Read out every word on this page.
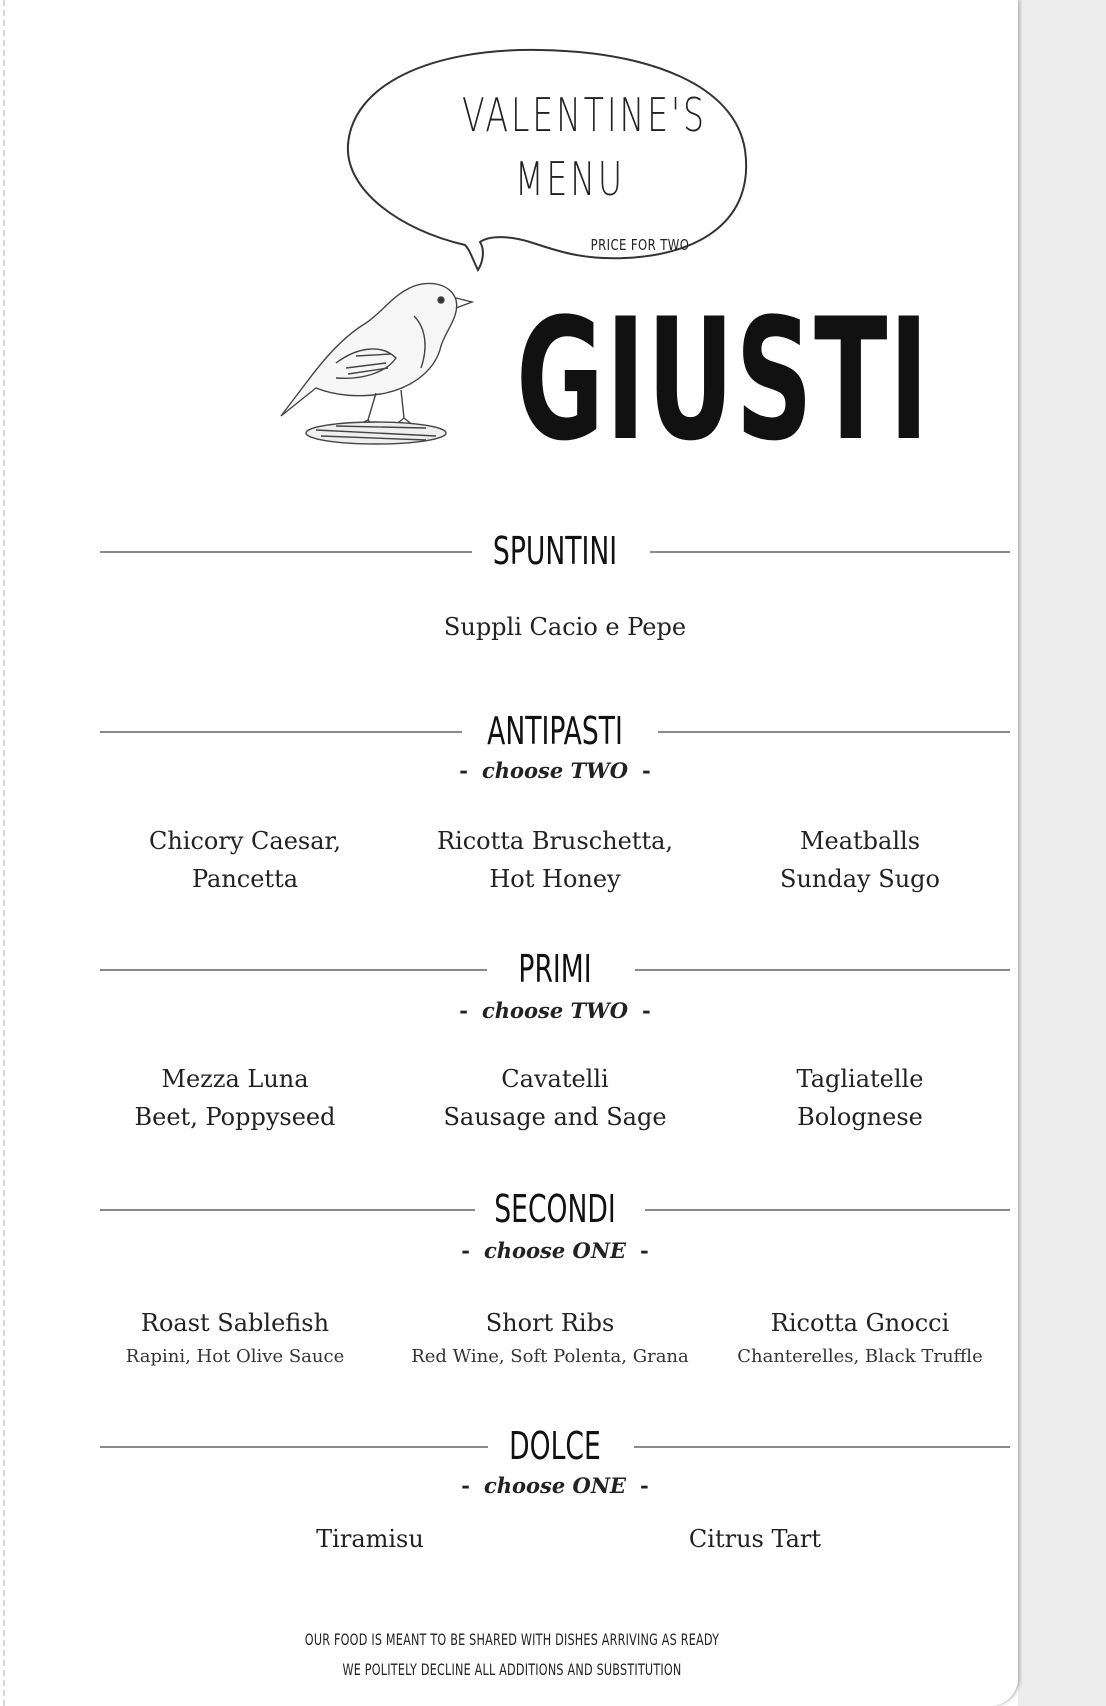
VALENTINE'S
MENU
PRICE FOR TWO
GIUSTI
SPUNTINI
Suppli Cacio e Pepe
ANTIPASTI
- choose TWO -
Chicory Caesar,
Pancetta
Ricotta Bruschetta,
Hot Honey
Meatballs
Sunday Sugo
PRIMI
- choose TWO -
Mezza Luna
Beet, Poppyseed
Cavatelli
Sausage and Sage
Tagliatelle
Bolognese
SECONDI
- choose ONE -
Roast Sablefish
Rapini, Hot Olive Sauce
Short Ribs
Red Wine, Soft Polenta, Grana
Ricotta Gnocci
Chanterelles, Black Truffle
DOLCE
- choose ONE -
Tiramisu	Citrus Tart
OUR FOOD IS MEANT TO BE SHARED WITH DISHES ARRIVING AS READY
WE POLITELY DECLINE ALL ADDITIONS AND SUBSTITUTION
